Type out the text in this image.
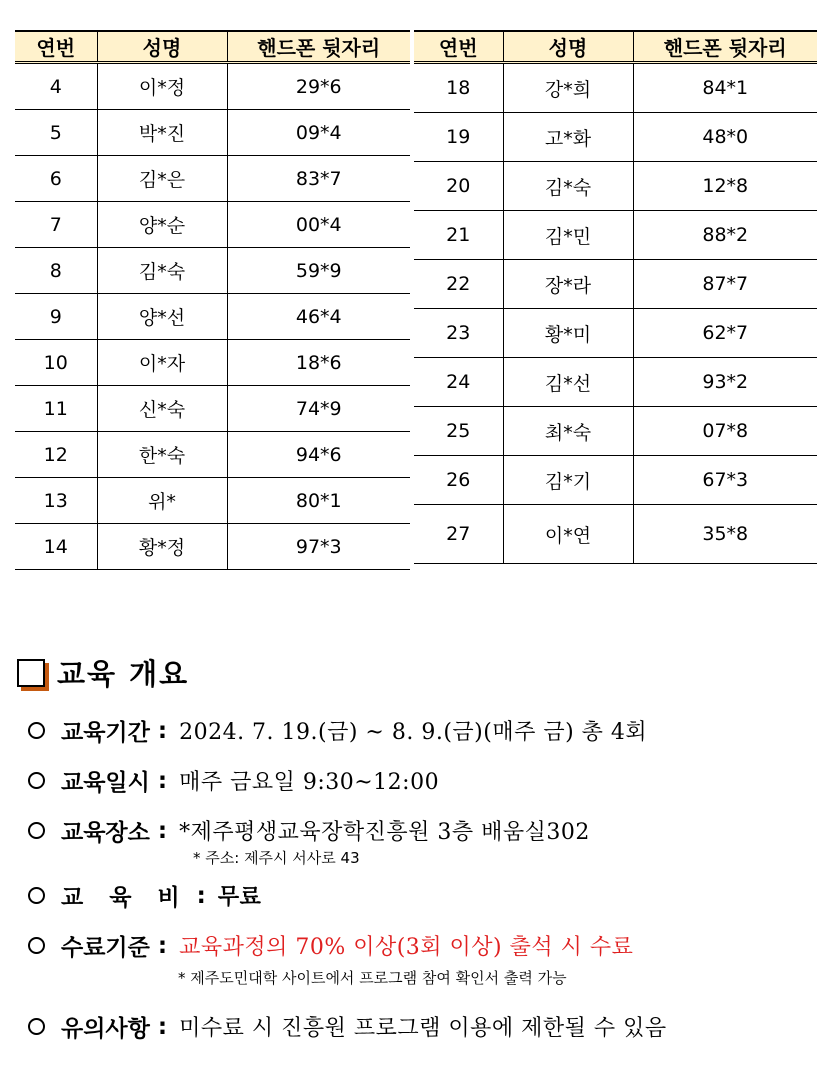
연번	성명	핸드폰 뒷자리
4	이*정	29*6
5	박*진	09*4
6	김*은	83*7
7	양*순	00*4
8	김*숙	59*9
9	양*선	46*4
10	이*자	18*6
11	신*숙	74*9
12	한*숙	94*6
13	위*	80*1
14	황*정	97*3
연번	성명	핸드폰 뒷자리
18	강*희	84*1
19	고*화	48*0
20	김*숙	12*8
21	김*민	88*2
22	장*라	87*7
23	황*미	62*7
24	김*선	93*2
25	최*숙	07*8
26	김*기	67*3
27	이*연	35*8
교육 개요
교육기간 : 2024. 7. 19.(금) ~ 8. 9.(금)(매주 금) 총 4회
교육일시 : 매주 금요일 9:30~12:00
교육장소 : *제주평생교육장학진흥원 3층 배움실302
* 주소: 제주시 서사로 43
교 육 비 : 무료
수료기준 : 교육과정의 70% 이상(3회 이상) 출석 시 수료
* 제주도민대학 사이트에서 프로그램 참여 확인서 출력 가능
유의사항 : 미수료 시 진흥원 프로그램 이용에 제한될 수 있음
